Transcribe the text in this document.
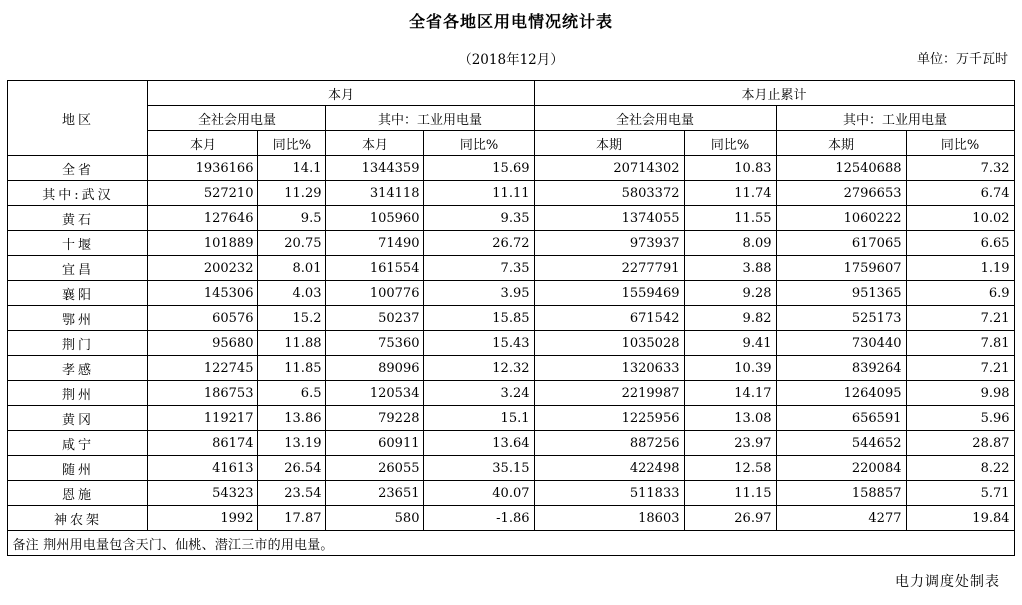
全省各地区用电情况统计表
（2018年12月）	单位：万千瓦时
地区	本月				本月止累计			
	全社会用电量		其中：工业用电量		全社会用电量		其中：工业用电量	
	本月	同比%	本月	同比%	本期	同比%	本期	同比%
全省	1936166	14.1	1344359	15.69	20714302	10.83	12540688	7.32
其中:武汉	527210	11.29	314118	11.11	5803372	11.74	2796653	6.74
黄石	127646	9.5	105960	9.35	1374055	11.55	1060222	10.02
十堰	101889	20.75	71490	26.72	973937	8.09	617065	6.65
宜昌	200232	8.01	161554	7.35	2277791	3.88	1759607	1.19
襄阳	145306	4.03	100776	3.95	1559469	9.28	951365	6.9
鄂州	60576	15.2	50237	15.85	671542	9.82	525173	7.21
荆门	95680	11.88	75360	15.43	1035028	9.41	730440	7.81
孝感	122745	11.85	89096	12.32	1320633	10.39	839264	7.21
荆州	186753	6.5	120534	3.24	2219987	14.17	1264095	9.98
黄冈	119217	13.86	79228	15.1	1225956	13.08	656591	5.96
咸宁	86174	13.19	60911	13.64	887256	23.97	544652	28.87
随州	41613	26.54	26055	35.15	422498	12.58	220084	8.22
恩施	54323	23.54	23651	40.07	511833	11.15	158857	5.71
神农架	1992	17.87	580	-1.86	18603	26.97	4277	19.84
备注 荆州用电量包含天门、仙桃、潜江三市的用电量。								
电力调度处制表
